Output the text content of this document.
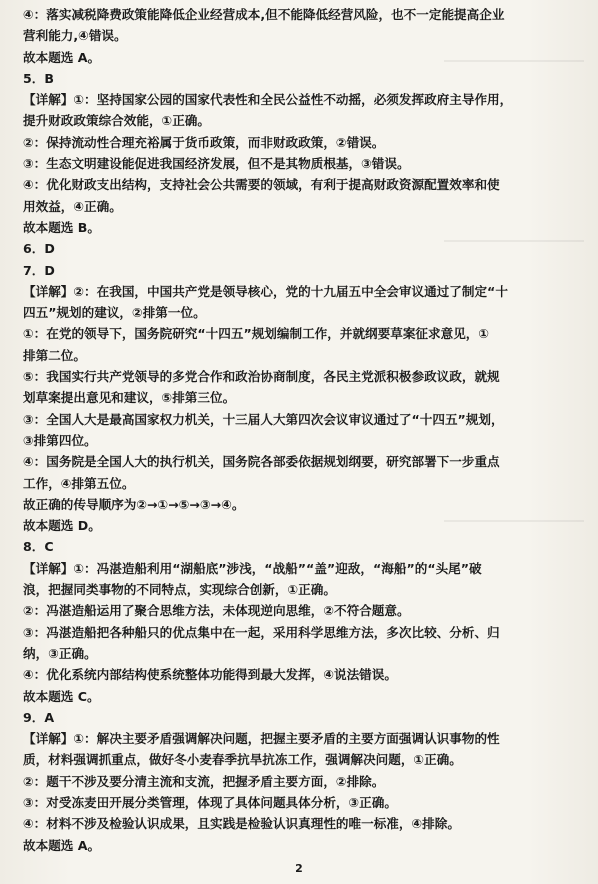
④：落实减税降费政策能降低企业经营成本,但不能降低经营风险，也不一定能提高企业
营利能力,④错误。
故本题选 A。
5．B
【详解】①：坚持国家公园的国家代表性和全民公益性不动摇，必须发挥政府主导作用，
提升财政政策综合效能，①正确。
②：保持流动性合理充裕属于货币政策，而非财政政策，②错误。
③：生态文明建设能促进我国经济发展，但不是其物质根基，③错误。
④：优化财政支出结构，支持社会公共需要的领域，有利于提高财政资源配置效率和使
用效益，④正确。
故本题选 B。
6．D
7．D
【详解】②：在我国，中国共产党是领导核心，党的十九届五中全会审议通过了制定“十
四五”规划的建议，②排第一位。
①：在党的领导下，国务院研究“十四五”规划编制工作，并就纲要草案征求意见，①
排第二位。
⑤：我国实行共产党领导的多党合作和政治协商制度，各民主党派积极参政议政，就规
划草案提出意见和建议，⑤排第三位。
③：全国人大是最高国家权力机关，十三届人大第四次会议审议通过了“十四五”规划，
③排第四位。
④：国务院是全国人大的执行机关，国务院各部委依据规划纲要，研究部署下一步重点
工作，④排第五位。
故正确的传导顺序为②→①→⑤→③→④。
故本题选 D。
8．C
【详解】①：冯湛造船利用“湖船底”涉浅，“战船”“盖”迎敌，“海船”的“头尾”破
浪，把握同类事物的不同特点，实现综合创新，①正确。
②：冯湛造船运用了聚合思维方法，未体现逆向思维，②不符合题意。
③：冯湛造船把各种船只的优点集中在一起，采用科学思维方法，多次比较、分析、归
纳，③正确。
④：优化系统内部结构使系统整体功能得到最大发挥，④说法错误。
故本题选 C。
9．A
【详解】①：解决主要矛盾强调解决问题，把握主要矛盾的主要方面强调认识事物的性
质，材料强调抓重点，做好冬小麦春季抗旱抗冻工作，强调解决问题，①正确。
②：题干不涉及要分清主流和支流，把握矛盾主要方面，②排除。
③：对受冻麦田开展分类管理，体现了具体问题具体分析，③正确。
④：材料不涉及检验认识成果，且实践是检验认识真理性的唯一标准，④排除。
故本题选 A。
2
